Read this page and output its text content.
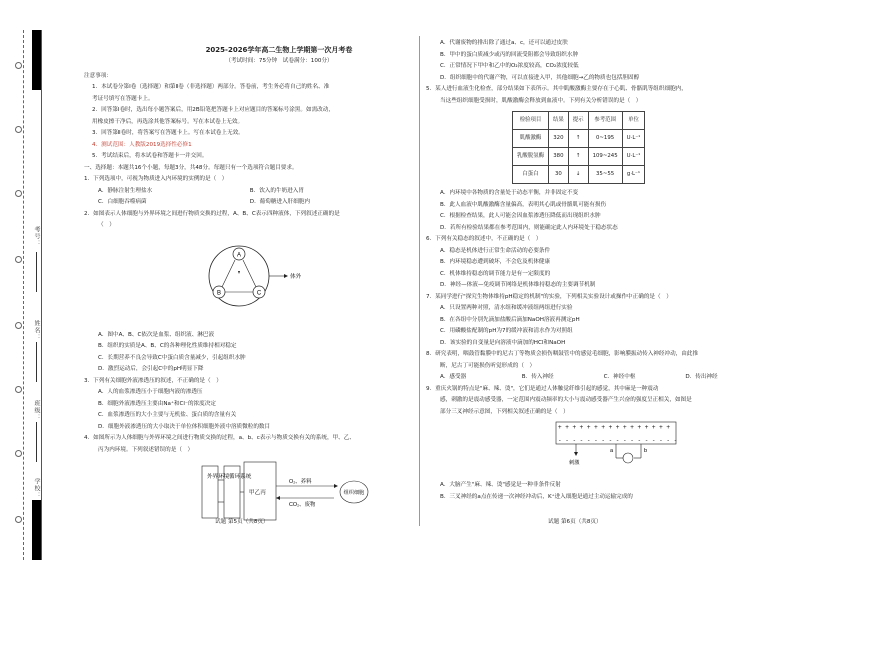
考号：
姓名：
班级：
学校：
2025-2026学年高二生物上学期第一次月考卷
（考试时间：75分钟　试卷满分：100分）
注意事项：
1．本试卷分第Ⅰ卷（选择题）和第Ⅱ卷（非选择题）两部分。答卷前，考生务必将自己的姓名、准
考证号填写在答题卡上。
2．回答第Ⅰ卷时，选出每小题答案后，用2B铅笔把答题卡上对应题目的答案标号涂黑。如需改动，
用橡皮擦干净后，再选涂其他答案标号。写在本试卷上无效。
3．回答第Ⅱ卷时，将答案写在答题卡上。写在本试卷上无效。
4．测试范围：人教版2019选择性必修1
5．考试结束后，将本试卷和答题卡一并交回。
一、选择题：本题共16个小题，每题3分，共48分。每题只有一个选项符合题目要求。
1．下列选项中，可视为物质进入内环境的实例的是（　）
A．静脉注射生理盐水	B．饮入的牛奶进入胃
C．白细胞吞噬病菌	D．葡萄糖进入肝细胞内
2．如图表示人体细胞与外界环境之间进行物质交换的过程，A、B、C表示四种液体，下列叙述正确的是
（　）
A
B	C
体外
A．图中A、B、C依次是血浆、组织液、淋巴液
B．组织的实质是A、B、C的各种理化性质维持相对稳定
C．长期营养不良会导致C中蛋白质含量减少，引起组织水肿
D．激烈运动后，会引起C中的pH明显下降
3．下列有关细胞外液渗透压的叙述，不正确的是（　）
A．人的血浆渗透压小于细胞内液的渗透压
B．细胞外液渗透压主要由Na⁺和Cl⁻的浓度决定
C．血浆渗透压的大小主要与无机盐、蛋白质的含量有关
D．细胞外液渗透压的大小取决于单位体积细胞外液中溶质微粒的数目
4．如图所示为人体细胞与外界环境之间进行物质交换的过程，a、b、c表示与物质交换有关的系统，甲、乙、
丙为内环境。下列叙述错误的是（　）
外界环境 循环系统
甲乙丙
O₂、养料
CO₂、废物
组织细胞
试题 第5页（共8页）
A．代谢废物的排出除了通过a、c，还可以通过皮肤
B．甲中的蛋白质减少或丙的回流受阻都会导致组织水肿
C．正常情况下甲中和乙中的O₂浓度较高，CO₂浓度较低
D．组织细胞中的代谢产物，可以直接进入甲，其他细胞→乙的物质也包括胆固醇
5．某人进行血液生化检查，部分结果如下表所示。其中肌酸激酶主要存在于心肌、骨骼肌等组织细胞内，
当这些组织细胞受损时，肌酸激酶会释放到血液中。下列有关分析错误的是（　）
检验项目	结果	提示	参考范围	单位
肌酸激酶	320	↑	0~195	U·L⁻¹
乳酸脱氢酶	380	↑	109~245	U·L⁻¹
白蛋白	30	↓	35~55	g·L⁻¹
A．内环境中各物质的含量处于动态平衡，并非固定不变
B．此人血液中肌酸激酶含量偏高，表明其心肌或骨骼肌可能有损伤
C．根据检查结果，此人可能会因血浆渗透压降低而出现组织水肿
D．若所有检验结果都在参考范围内，则能确定此人内环境处于稳态状态
6．下列有关稳态的叙述中，不正确的是（　）
A．稳态是机体进行正常生命活动的必要条件
B．内环境稳态遭到破坏，不会危及机体健康
C．机体维持稳态的调节能力是有一定限度的
D．神经—体液—免疫调节网络是机体维持稳态的主要调节机制
7．某同学进行"探究生物体维持pH稳定的机制"的实验，下列相关实验设计或操作中正确的是（　）
A．只设置两种对照，清水组和缓冲液组两组进行实验
B．在各组中分别先滴加盐酸后滴加NaOH溶液再测定pH
C．用磷酸盐配制的pH为7的缓冲液和清水作为对照组
D．该实验的自变量是向溶液中滴加的HCl和NaOH
8．研究表明，咽鼓管黏膜中的尼古丁等物质会损伤咽鼓管中的感觉毛细胞，影响膜振动传入神经冲动，由此推
断，尼古丁可能损伤听觉形成的（　）
A．感受器	B．传入神经	C．神经中枢	D．传出神经
9．重庆火锅的特点是"麻、辣、烫"，它们是通过人体触觉纤维引起的感觉，其中麻是一种震动
感，刺激的是震动感受器，一定范围内震动频率的大小与震动感受器产生兴奋的强度呈正相关，如图是
部分三叉神经示意图，下列相关叙述正确的是（　）
+ + + + + + + + + + + + + + + +
- - - - - - - - - - - - - - - - -
a	b
刺激
A．大脑产生"麻、辣、烫"感觉是一种非条件反射
B．三叉神经的a点在传递一次神经冲动后，K⁺进入细胞是通过主动运输完成的
试题 第6页（共8页）
